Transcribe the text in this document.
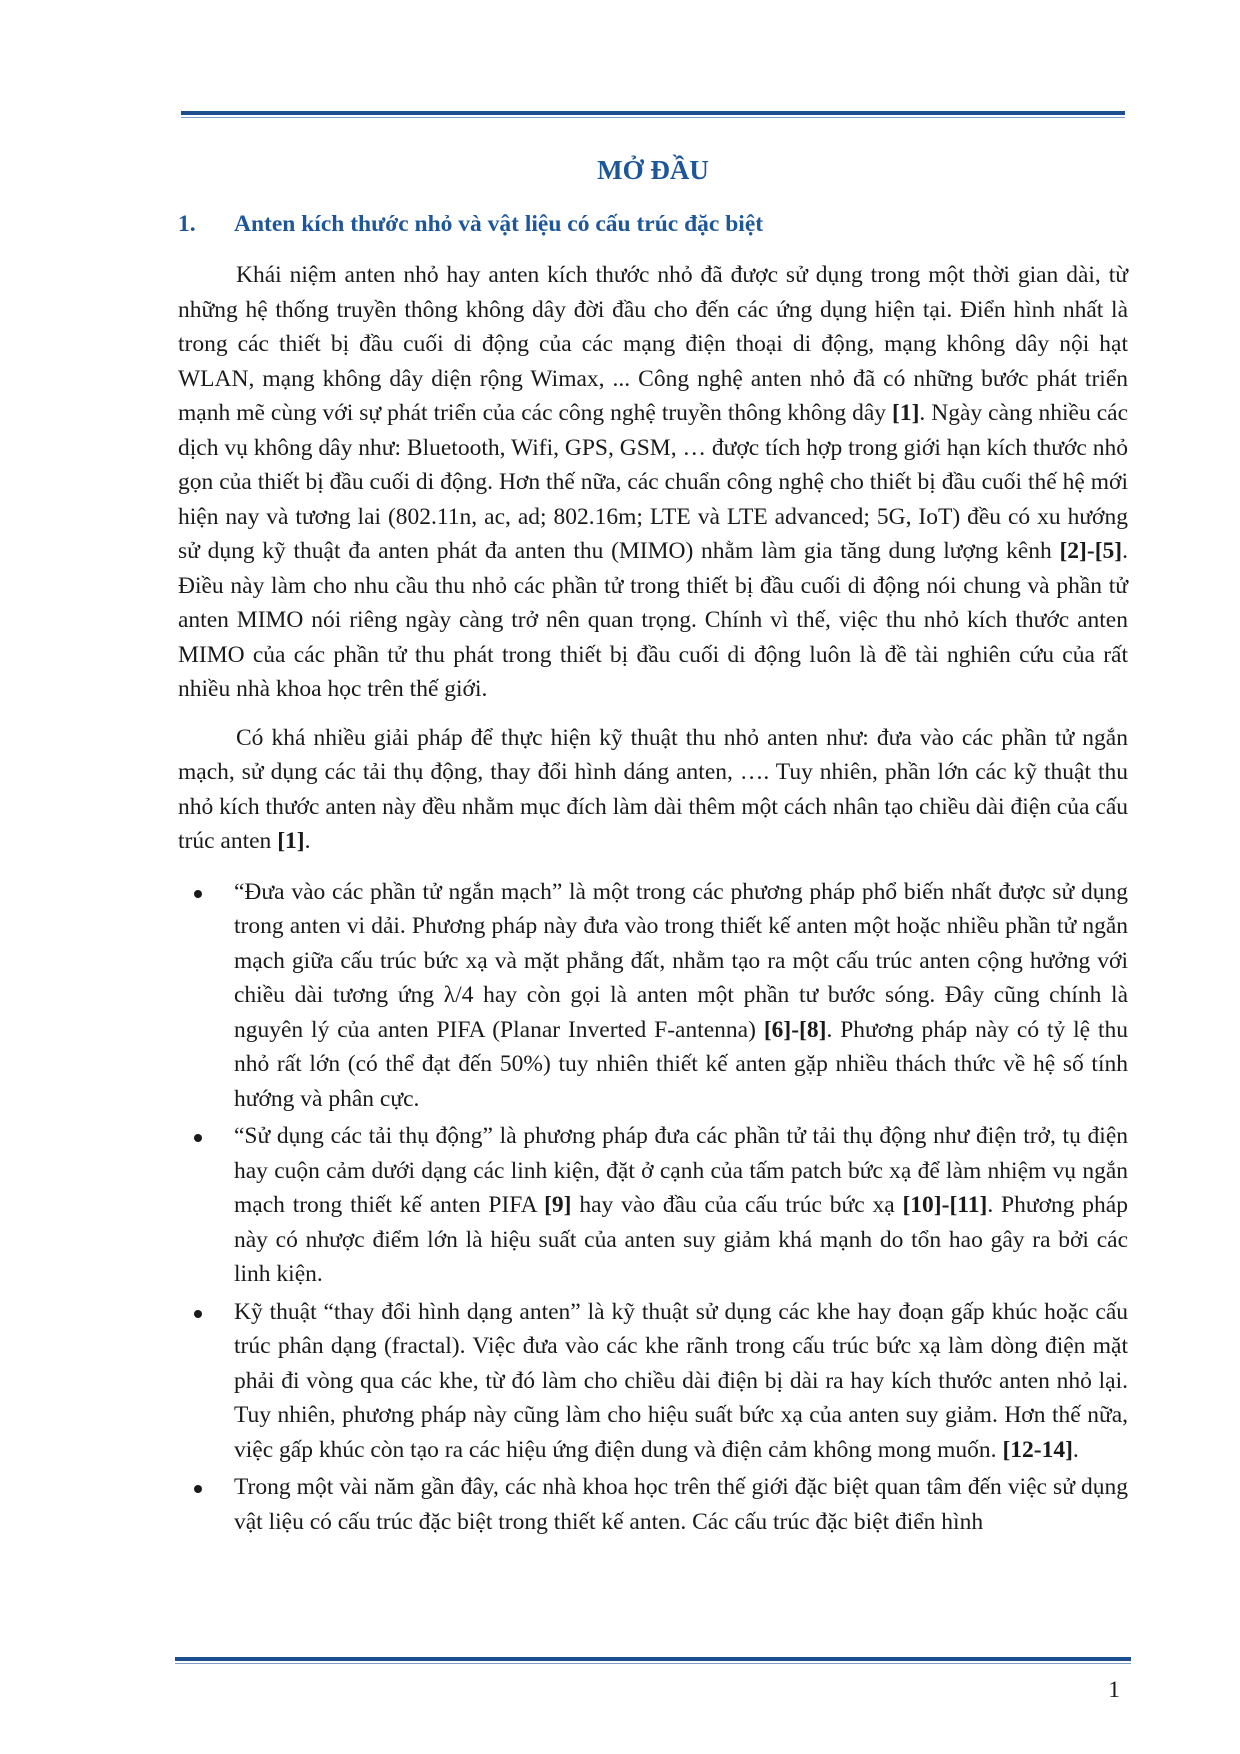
MỞ ĐẦU
1.	Anten kích thước nhỏ và vật liệu có cấu trúc đặc biệt

Khái niệm anten nhỏ hay anten kích thước nhỏ đã được sử dụng trong một thời gian dài, từ những hệ thống truyền thông không dây đời đầu cho đến các ứng dụng hiện tại. Điển hình nhất là trong các thiết bị đầu cuối di động của các mạng điện thoại di động, mạng không dây nội hạt WLAN, mạng không dây diện rộng Wimax, ... Công nghệ anten nhỏ đã có những bước phát triển mạnh mẽ cùng với sự phát triển của các công nghệ truyền thông không dây [1]. Ngày càng nhiều các dịch vụ không dây như: Bluetooth, Wifi, GPS, GSM, … được tích hợp trong giới hạn kích thước nhỏ gọn của thiết bị đầu cuối di động. Hơn thế nữa, các chuẩn công nghệ cho thiết bị đầu cuối thế hệ mới hiện nay và tương lai (802.11n, ac, ad; 802.16m; LTE và LTE advanced; 5G, IoT) đều có xu hướng sử dụng kỹ thuật đa anten phát đa anten thu (MIMO) nhằm làm gia tăng dung lượng kênh [2]-[5]. Điều này làm cho nhu cầu thu nhỏ các phần tử trong thiết bị đầu cuối di động nói chung và phần tử anten MIMO nói riêng ngày càng trở nên quan trọng. Chính vì thế, việc thu nhỏ kích thước anten MIMO của các phần tử thu phát trong thiết bị đầu cuối di động luôn là đề tài nghiên cứu của rất nhiều nhà khoa học trên thế giới.

Có khá nhiều giải pháp để thực hiện kỹ thuật thu nhỏ anten như: đưa vào các phần tử ngắn mạch, sử dụng các tải thụ động, thay đổi hình dáng anten, …. Tuy nhiên, phần lớn các kỹ thuật thu nhỏ kích thước anten này đều nhằm mục đích làm dài thêm một cách nhân tạo chiều dài điện của cấu trúc anten [1].

“Đưa vào các phần tử ngắn mạch” là một trong các phương pháp phổ biến nhất được sử dụng trong anten vi dải. Phương pháp này đưa vào trong thiết kế anten một hoặc nhiều phần tử ngắn mạch giữa cấu trúc bức xạ và mặt phẳng đất, nhằm tạo ra một cấu trúc anten cộng hưởng với chiều dài tương ứng λ/4 hay còn gọi là anten một phần tư bước sóng. Đây cũng chính là nguyên lý của anten PIFA (Planar Inverted F-antenna) [6]-[8]. Phương pháp này có tỷ lệ thu nhỏ rất lớn (có thể đạt đến 50%) tuy nhiên thiết kế anten gặp nhiều thách thức về hệ số tính hướng và phân cực.
“Sử dụng các tải thụ động” là phương pháp đưa các phần tử tải thụ động như điện trở, tụ điện hay cuộn cảm dưới dạng các linh kiện, đặt ở cạnh của tấm patch bức xạ để làm nhiệm vụ ngắn mạch trong thiết kế anten PIFA [9] hay vào đầu của cấu trúc bức xạ [10]-[11]. Phương pháp này có nhược điểm lớn là hiệu suất của anten suy giảm khá mạnh do tổn hao gây ra bởi các linh kiện.
Kỹ thuật “thay đổi hình dạng anten” là kỹ thuật sử dụng các khe hay đoạn gấp khúc hoặc cấu trúc phân dạng (fractal). Việc đưa vào các khe rãnh trong cấu trúc bức xạ làm dòng điện mặt phải đi vòng qua các khe, từ đó làm cho chiều dài điện bị dài ra hay kích thước anten nhỏ lại. Tuy nhiên, phương pháp này cũng làm cho hiệu suất bức xạ của anten suy giảm. Hơn thế nữa, việc gấp khúc còn tạo ra các hiệu ứng điện dung và điện cảm không mong muốn. [12-14].
Trong một vài năm gần đây, các nhà khoa học trên thế giới đặc biệt quan tâm đến việc sử dụng vật liệu có cấu trúc đặc biệt trong thiết kế anten. Các cấu trúc đặc biệt điển hình
1
